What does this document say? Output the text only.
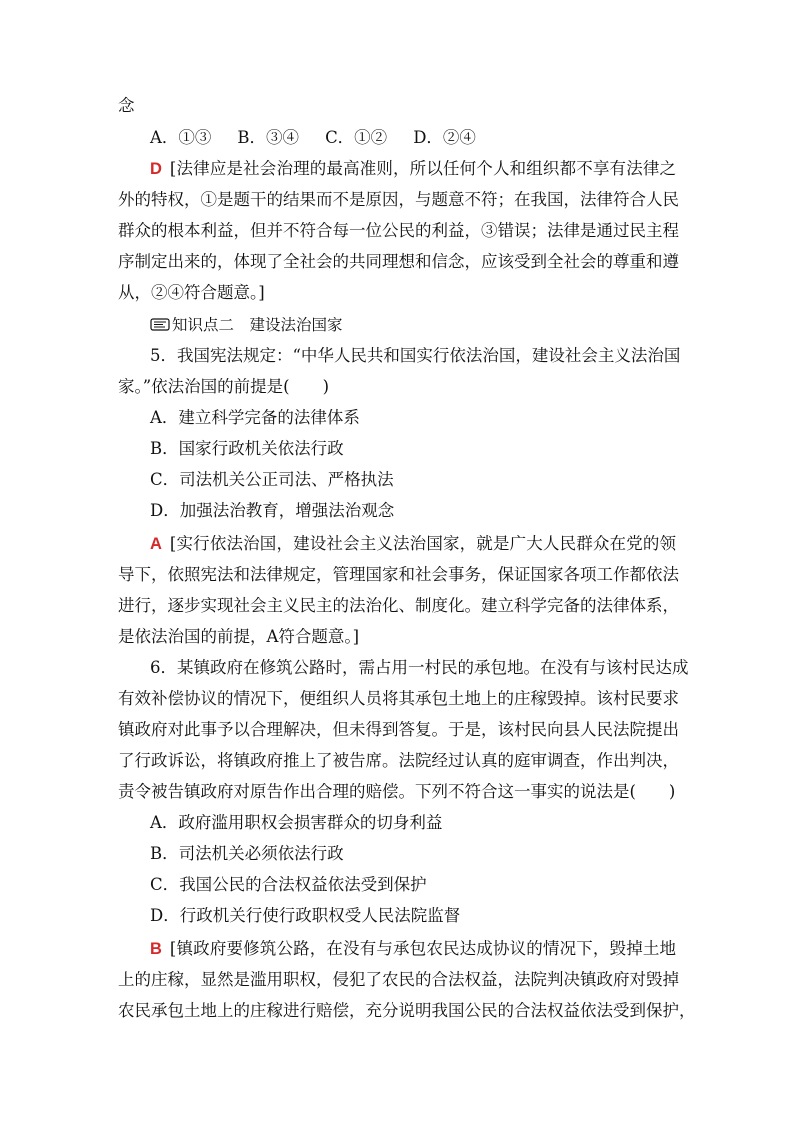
念
A．①③ B．③④ C．①② D．②④
D [法律应是社会治理的最高准则，所以任何个人和组织都不享有法律之
外的特权，①是题干的结果而不是原因，与题意不符；在我国，法律符合人民
群众的根本利益，但并不符合每一位公民的利益，③错误；法律是通过民主程
序制定出来的，体现了全社会的共同理想和信念，应该受到全社会的尊重和遵
从，②④符合题意。]
知识点二　建设法治国家
5．我国宪法规定：“中华人民共和国实行依法治国，建设社会主义法治国
家。”依法治国的前提是(　　)
A．建立科学完备的法律体系
B．国家行政机关依法行政
C．司法机关公正司法、严格执法
D．加强法治教育，增强法治观念
A [实行依法治国，建设社会主义法治国家，就是广大人民群众在党的领
导下，依照宪法和法律规定，管理国家和社会事务，保证国家各项工作都依法
进行，逐步实现社会主义民主的法治化、制度化。建立科学完备的法律体系，
是依法治国的前提，A符合题意。]
6．某镇政府在修筑公路时，需占用一村民的承包地。在没有与该村民达成
有效补偿协议的情况下，便组织人员将其承包土地上的庄稼毁掉。该村民要求
镇政府对此事予以合理解决，但未得到答复。于是，该村民向县人民法院提出
了行政诉讼，将镇政府推上了被告席。法院经过认真的庭审调查，作出判决，
责令被告镇政府对原告作出合理的赔偿。下列不符合这一事实的说法是(　　)
A．政府滥用职权会损害群众的切身利益
B．司法机关必须依法行政
C．我国公民的合法权益依法受到保护
D．行政机关行使行政职权受人民法院监督
B [镇政府要修筑公路，在没有与承包农民达成协议的情况下，毁掉土地
上的庄稼，显然是滥用职权，侵犯了农民的合法权益，法院判决镇政府对毁掉
农民承包土地上的庄稼进行赔偿，充分说明我国公民的合法权益依法受到保护，
